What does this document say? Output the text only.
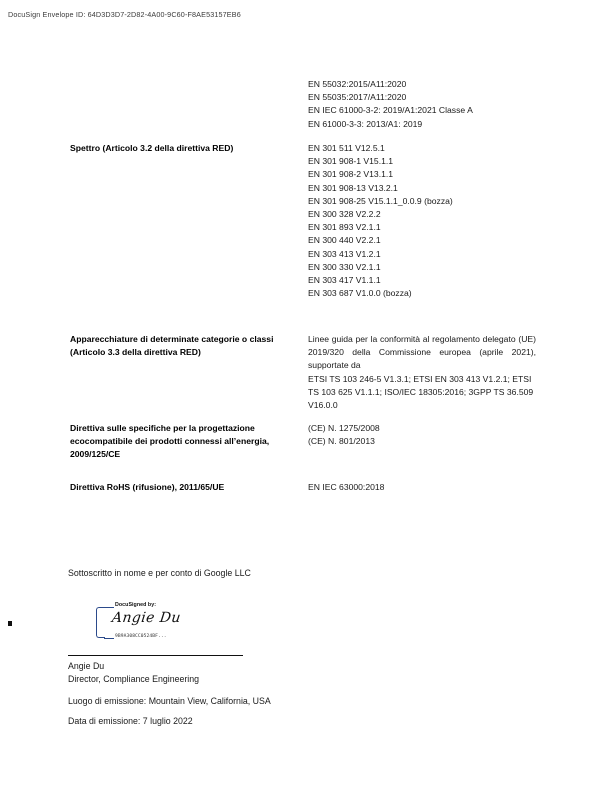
DocuSign Envelope ID: 64D3D3D7-2D82-4A00-9C60-F8AE53157EB6
EN 55032:2015/A11:2020
EN 55035:2017/A11:2020
EN IEC 61000-3-2: 2019/A1:2021 Classe A
EN 61000-3-3: 2013/A1: 2019
Spettro (Articolo 3.2 della direttiva RED)	EN 301 511 V12.5.1
EN 301 908-1 V15.1.1
EN 301 908-2 V13.1.1
EN 301 908-13 V13.2.1
EN 301 908-25 V15.1.1_0.0.9 (bozza)
EN 300 328 V2.2.2
EN 301 893 V2.1.1
EN 300 440 V2.2.1
EN 303 413 V1.2.1
EN 300 330 V2.1.1
EN 303 417 V1.1.1
EN 303 687 V1.0.0 (bozza)
Apparecchiature di determinate categorie o classi (Articolo 3.3 della direttiva RED)
Linee guida per la conformità al regolamento delegato (UE) 2019/320 della Commissione europea (aprile 2021), supportate da
ETSI TS 103 246-5 V1.3.1; ETSI EN 303 413 V1.2.1; ETSI TS 103 625 V1.1.1; ISO/IEC 18305:2016; 3GPP TS 36.509 V16.0.0
Direttiva sulle specifiche per la progettazione ecocompatibile dei prodotti connessi all’energia, 2009/125/CE
(CE) N. 1275/2008
(CE) N. 801/2013
Direttiva RoHS (rifusione), 2011/65/UE	EN IEC 63000:2018
Sottoscritto in nome e per conto di Google LLC
DocuSigned by:
Angie Du
9B9A308CC0524BF...
Angie Du
Director, Compliance Engineering
Luogo di emissione: Mountain View, California, USA
Data di emissione: 7 luglio 2022
